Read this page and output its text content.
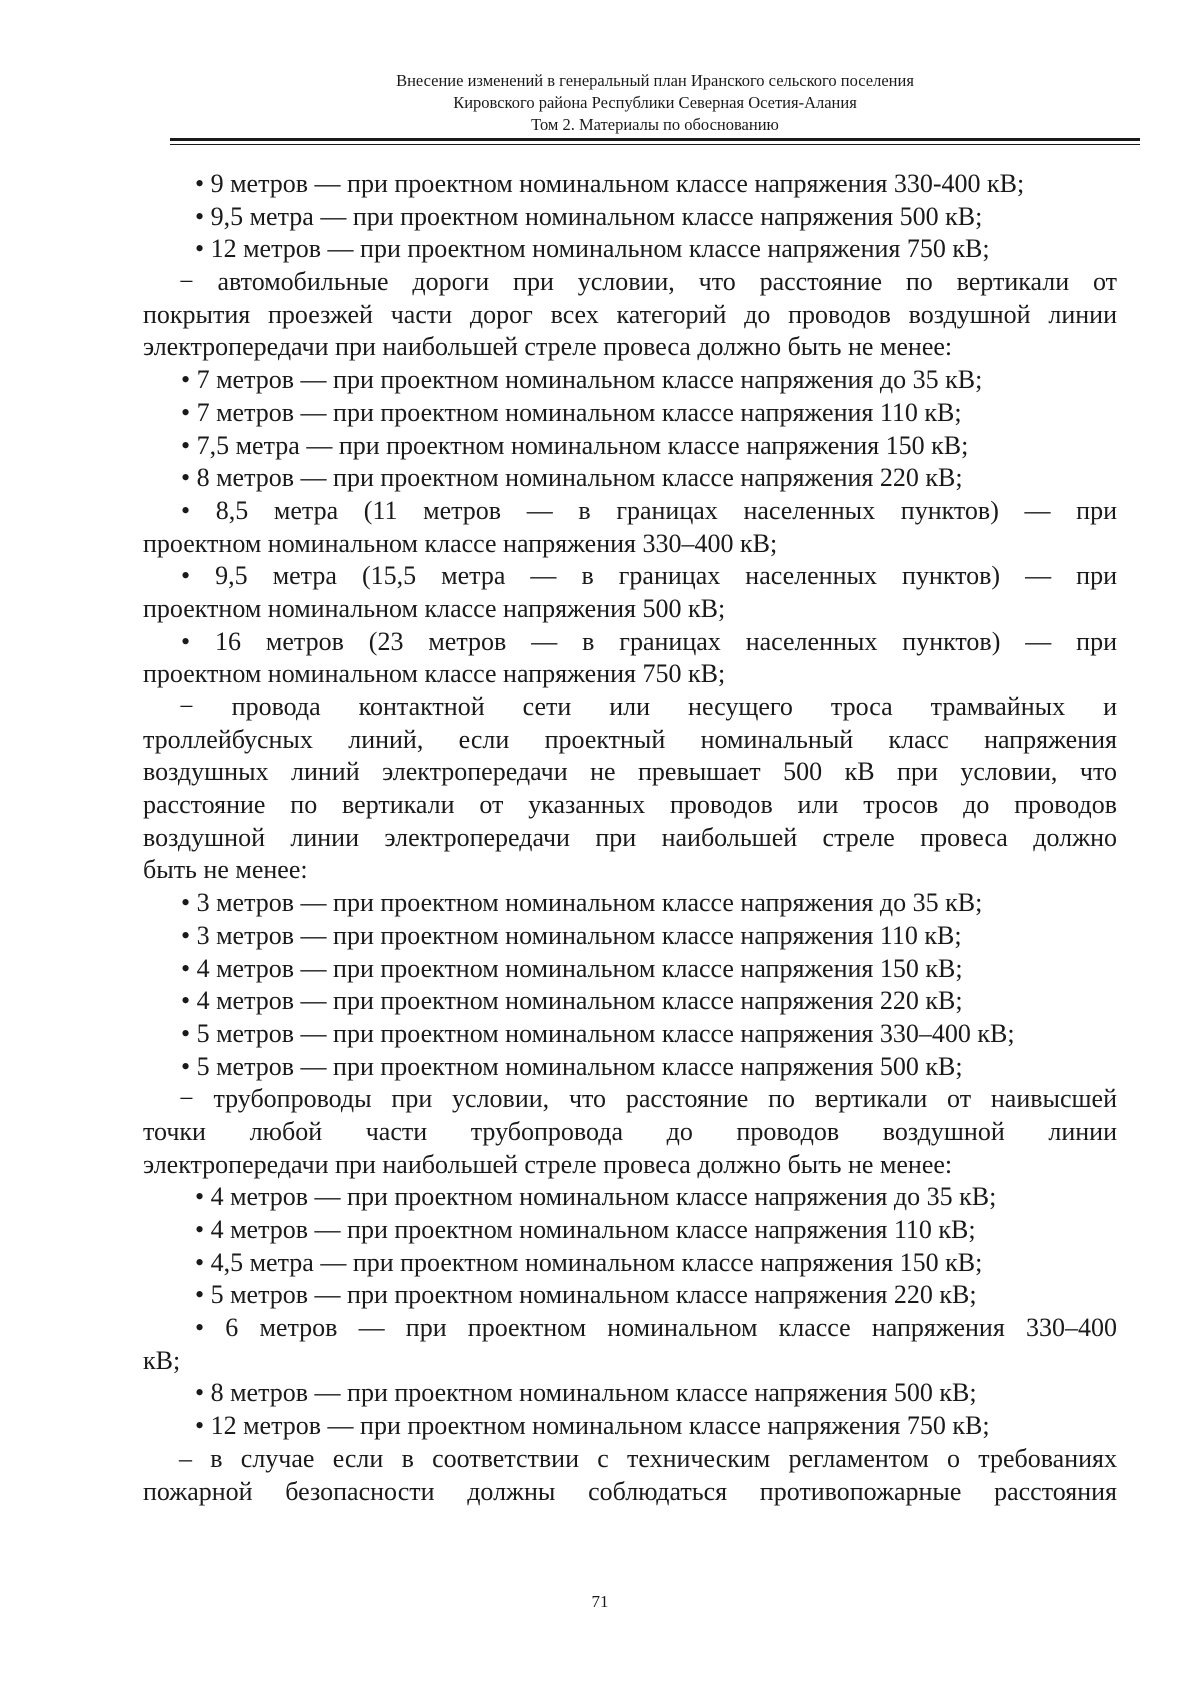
Внесение изменений в генеральный план Иранского сельского поселения
Кировского района Республики Северная Осетия-Алания
Том 2. Материалы по обоснованию
• 9 метров — при проектном номинальном классе напряжения 330-400 кВ;
• 9,5 метра — при проектном номинальном классе напряжения 500 кВ;
• 12 метров — при проектном номинальном классе напряжения 750 кВ;
− автомобильные дороги при условии, что расстояние по вертикали от
покрытия проезжей части дорог всех категорий до проводов воздушной линии
электропередачи при наибольшей стреле провеса должно быть не менее:
• 7 метров — при проектном номинальном классе напряжения до 35 кВ;
• 7 метров — при проектном номинальном классе напряжения 110 кВ;
• 7,5 метра — при проектном номинальном классе напряжения 150 кВ;
• 8 метров — при проектном номинальном классе напряжения 220 кВ;
• 8,5 метра (11 метров — в границах населенных пунктов) — при
проектном номинальном классе напряжения 330–400 кВ;
• 9,5 метра (15,5 метра — в границах населенных пунктов) — при
проектном номинальном классе напряжения 500 кВ;
• 16 метров (23 метров — в границах населенных пунктов) — при
проектном номинальном классе напряжения 750 кВ;
− провода контактной сети или несущего троса трамвайных и
троллейбусных линий, если проектный номинальный класс напряжения
воздушных линий электропередачи не превышает 500 кВ при условии, что
расстояние по вертикали от указанных проводов или тросов до проводов
воздушной линии электропередачи при наибольшей стреле провеса должно
быть не менее:
• 3 метров — при проектном номинальном классе напряжения до 35 кВ;
• 3 метров — при проектном номинальном классе напряжения 110 кВ;
• 4 метров — при проектном номинальном классе напряжения 150 кВ;
• 4 метров — при проектном номинальном классе напряжения 220 кВ;
• 5 метров — при проектном номинальном классе напряжения 330–400 кВ;
• 5 метров — при проектном номинальном классе напряжения 500 кВ;
− трубопроводы при условии, что расстояние по вертикали от наивысшей
точки любой части трубопровода до проводов воздушной линии
электропередачи при наибольшей стреле провеса должно быть не менее:
• 4 метров — при проектном номинальном классе напряжения до 35 кВ;
• 4 метров — при проектном номинальном классе напряжения 110 кВ;
• 4,5 метра — при проектном номинальном классе напряжения 150 кВ;
• 5 метров — при проектном номинальном классе напряжения 220 кВ;
• 6 метров — при проектном номинальном классе напряжения 330–400
кВ;
• 8 метров — при проектном номинальном классе напряжения 500 кВ;
• 12 метров — при проектном номинальном классе напряжения 750 кВ;
– в случае если в соответствии с техническим регламентом о требованиях
пожарной безопасности должны соблюдаться противопожарные расстояния
71
